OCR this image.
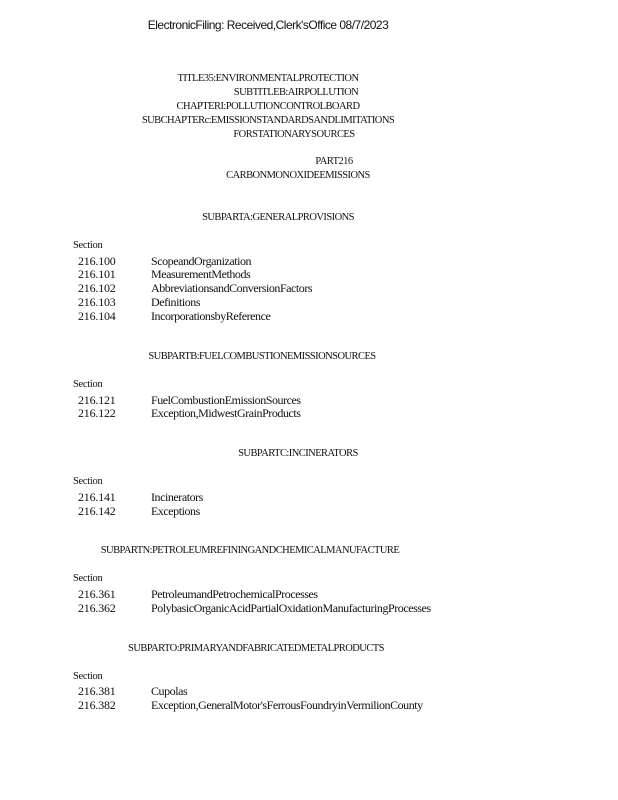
ElectronicFiling: Received,Clerk'sOffice 08/7/2023
TITLE35:ENVIRONMENTALPROTECTION
SUBTITLEB:AIRPOLLUTION
CHAPTERI:POLLUTIONCONTROLBOARD
SUBCHAPTERc:EMISSIONSTANDARDSANDLIMITATIONS
FORSTATIONARYSOURCES
PART216
CARBONMONOXIDEEMISSIONS
SUBPARTA:GENERALPROVISIONS
Section
216.100	ScopeandOrganization
216.101	MeasurementMethods
216.102	AbbreviationsandConversionFactors
216.103	Definitions
216.104	IncorporationsbyReference
SUBPARTB:FUELCOMBUSTIONEMISSIONSOURCES
Section
216.121	FuelCombustionEmissionSources
216.122	Exception,MidwestGrainProducts
SUBPARTC:INCINERATORS
Section
216.141	Incinerators
216.142	Exceptions
SUBPARTN:PETROLEUMREFININGANDCHEMICALMANUFACTURE
Section
216.361	PetroleumandPetrochemicalProcesses
216.362	PolybasicOrganicAcidPartialOxidationManufacturingProcesses
SUBPARTO:PRIMARYANDFABRICATEDMETALPRODUCTS
Section
216.381	Cupolas
216.382	Exception,GeneralMotor'sFerrousFoundryinVermilionCounty
